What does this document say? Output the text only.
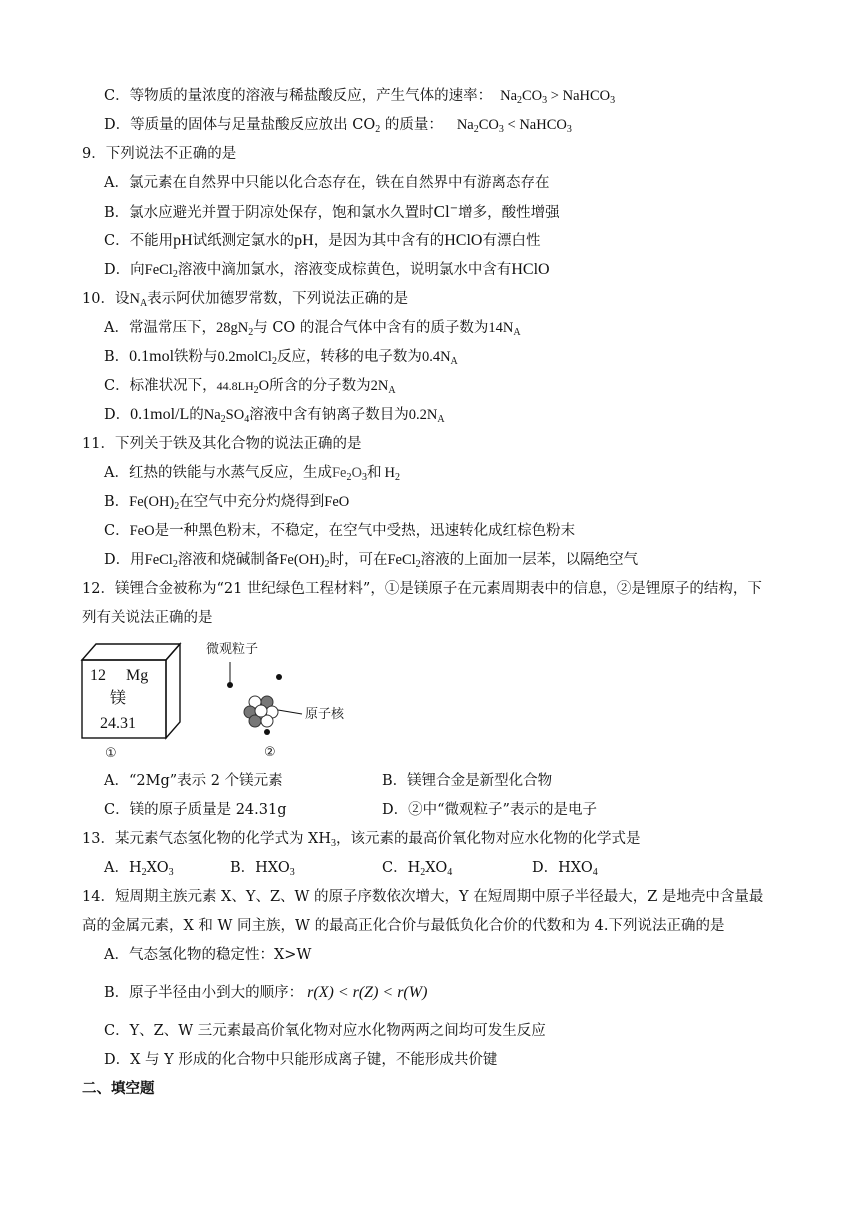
C．等物质的量浓度的溶液与稀盐酸反应，产生气体的速率： $Na_2CO_3$ > NaHCO$_3$
D．等质量的固体与足量盐酸反应放出 $CO_2$ 的质量： $Na_2CO_3$ < NaHCO$_3$
9．下列说法不正确的是
A．氯元素在自然界中只能以化合态存在，铁在自然界中有游离态存在
B．氯水应避光并置于阴凉处保存，饱和氯水久置时Cl−增多，酸性增强
C．不能用pH试纸测定氯水的pH，是因为其中含有的HClO有漂白性
D．向FeCl$_2$溶液中滴加氯水，溶液变成棕黄色，说明氯水中含有HClO
10．设$N_A$表示阿伏加德罗常数，下列说法正确的是
A．常温常压下，$28gN_2$与 CO 的混合气体中含有的质子数为$14N_A$
B．0.1mol铁粉与0.2molCl$_2$反应，转移的电子数为$0.4N_A$
C．标准状况下，$44.8LH_2O$所含的分子数为$2N_A$
D．0.1mol/L的$Na_2SO_4$溶液中含有钠离子数目为$0.2N_A$
11．下列关于铁及其化合物的说法正确的是
A．红热的铁能与水蒸气反应，生成$Fe_2O_3$和 $H_2$
B．$Fe(OH)_2$在空气中充分灼烧得到FeO
C．FeO是一种黑色粉末，不稳定，在空气中受热，迅速转化成红棕色粉末
D．用FeCl$_2$溶液和烧碱制备$Fe(OH)_2$时，可在FeCl$_2$溶液的上面加一层苯，以隔绝空气
12．镁锂合金被称为“21 世纪绿色工程材料”，①是镁原子在元素周期表中的信息，②是锂原子的结构，下
列有关说法正确的是
12 Mg
镁
24.31
①
微观粒子
原子核
②
A．“2Mg”表示 2 个镁元素	B．镁锂合金是新型化合物
C．镁的原子质量是 24.31g	D．②中“微观粒子”表示的是电子
13．某元素气态氢化物的化学式为 $XH_3$，该元素的最高价氧化物对应水化物的化学式是
A．$H_2XO_3$	B．$HXO_3$	C．$H_2XO_4$	D．$HXO_4$
14．短周期主族元素 X、Y、Z、W 的原子序数依次增大，Y 在短周期中原子半径最大，Z 是地壳中含量最
高的金属元素，X 和 W 同主族，W 的最高正化合价与最低负化合价的代数和为 4.下列说法正确的是
A．气态氢化物的稳定性：X>W
B．原子半径由小到大的顺序： r(X) < r(Z) < r(W)
C．Y、Z、W 三元素最高价氧化物对应水化物两两之间均可发生反应
D．X 与 Y 形成的化合物中只能形成离子键，不能形成共价键
二、填空题
